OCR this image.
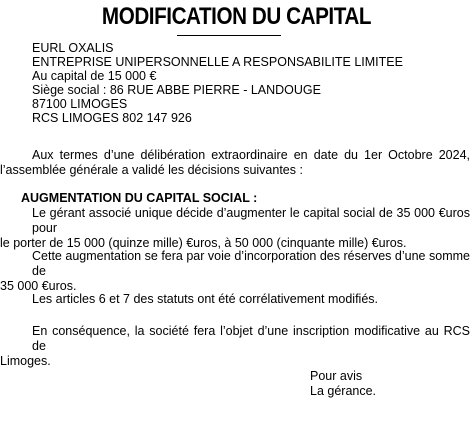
MODIFICATION DU CAPITAL
EURL OXALIS
ENTREPRISE UNIPERSONNELLE A RESPONSABILITE LIMITEE
Au capital de 15 000 €
Siège social : 86 RUE ABBE PIERRE - LANDOUGE
87100 LIMOGES
RCS LIMOGES 802 147 926
Aux termes d’une délibération extraordinaire en date du 1er Octobre 2024,
l’assemblée générale a validé les décisions suivantes :
AUGMENTATION DU CAPITAL SOCIAL :
Le gérant associé unique décide d’augmenter le capital social de 35 000 €uros pour
le porter de 15 000 (quinze mille) €uros, à 50 000 (cinquante mille) €uros.
Cette augmentation se fera par voie d’incorporation des réserves d’une somme de
35 000 €uros.
Les articles 6 et 7 des statuts ont été corrélativement modifiés.
En conséquence, la société fera l’objet d’une inscription modificative au RCS de
Limoges.
Pour avis
La gérance.
